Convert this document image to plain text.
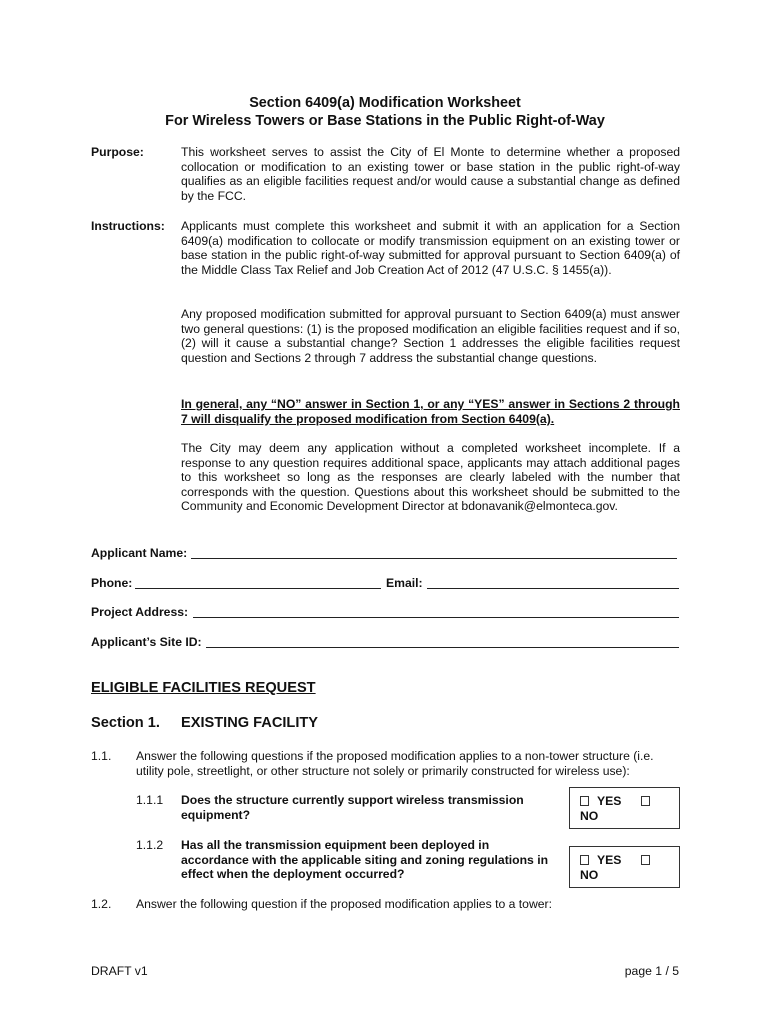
Section 6409(a) Modification Worksheet
For Wireless Towers or Base Stations in the Public Right-of-Way
Purpose:	This worksheet serves to assist the City of El Monte to determine whether a proposed collocation or modification to an existing tower or base station in the public right-of-way qualifies as an eligible facilities request and/or would cause a substantial change as defined by the FCC.

Instructions: Applicants must complete this worksheet and submit it with an application for a Section 6409(a) modification to collocate or modify transmission equipment on an existing tower or base station in the public right-of-way submitted for approval pursuant to Section 6409(a) of the Middle Class Tax Relief and Job Creation Act of 2012 (47 U.S.C. § 1455(a)).

Any proposed modification submitted for approval pursuant to Section 6409(a) must answer two general questions: (1) is the proposed modification an eligible facilities request and if so, (2) will it cause a substantial change? Section 1 addresses the eligible facilities request question and Sections 2 through 7 address the substantial change questions.

In general, any “NO” answer in Section 1, or any “YES” answer in Sections 2 through 7 will disqualify the proposed modification from Section 6409(a).

The City may deem any application without a completed worksheet incomplete. If a response to any question requires additional space, applicants may attach additional pages to this worksheet so long as the responses are clearly labeled with the number that corresponds with the question. Questions about this worksheet should be submitted to the Community and Economic Development Director at bdonavanik@elmonteca.gov.

Applicant Name:
Phone:	Email:
Project Address:
Applicant’s Site ID:
ELIGIBLE FACILITIES REQUEST
Section 1. EXISTING FACILITY
1.1. Answer the following questions if the proposed modification applies to a non-tower structure (i.e. utility pole, streetlight, or other structure not solely or primarily constructed for wireless use):

1.1.1 Does the structure currently support wireless transmission equipment?

YES
NO
1.1.2 Has all the transmission equipment been deployed in accordance with the applicable siting and zoning regulations in effect when the deployment occurred?

YES
NO
1.2. Answer the following question if the proposed modification applies to a tower:

DRAFT v1	page 1 / 5
